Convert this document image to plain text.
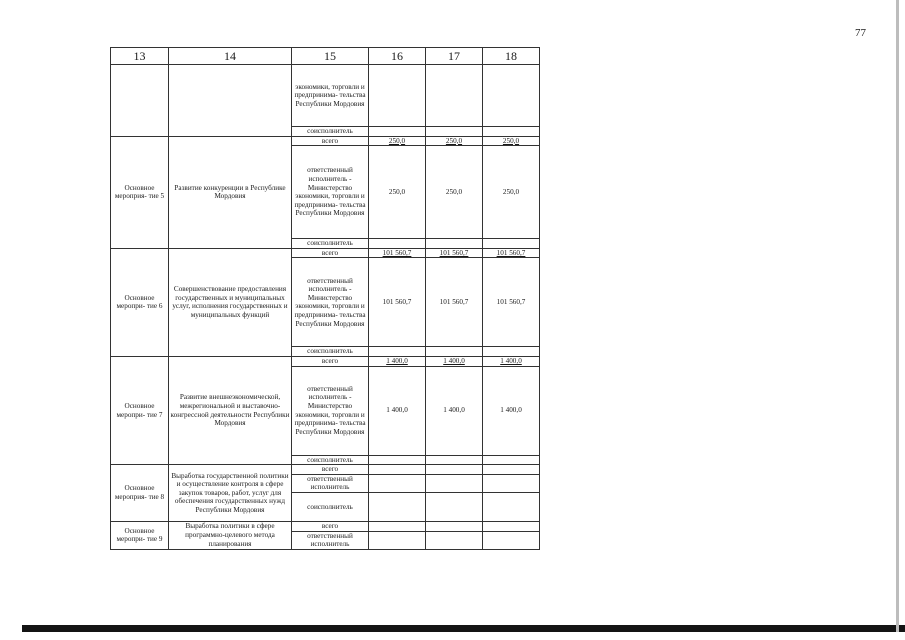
77
13	14	15	16	17	18
		экономики, торговли и предпринима- тельства Республики Мордовия			
		соисполнитель			
Основное мероприя- тие 5	Развитие конкуренции в Республике Мордовия	всего	250,0	250,0	250,0
		ответственный исполнитель - Министерство экономики, торговли и предпринима- тельства Республики Мордовия	250,0	250,0	250,0
		соисполнитель			
Основное меропри- тие 6	Совершенствование предоставления государственных и муниципальных услуг, исполнения государственных и муниципальных функций	всего	101 560,7	101 560,7	101 560,7
		ответственный исполнитель - Министерство экономики, торговли и предпринима- тельства Республики Мордовия	101 560,7	101 560,7	101 560,7
		соисполнитель			
Основное меропри- тие 7	Развитие внешнеэкономической, межрегиональной и выставочно-конгрессной деятельности Республики Мордовия	всего	1 400,0	1 400,0	1 400,0
		ответственный исполнитель - Министерство экономики, торговли и предпринима- тельства Республики Мордовия	1 400,0	1 400,0	1 400,0
		соисполнитель			
Основное мероприя- тие 8	Выработка государственной политики и осуществление контроля в сфере закупок товаров, работ, услуг для обеспечения государственных нужд Республики Мордовия	всего			
		ответственный исполнитель			
		соисполнитель			
Основное меропри- тие 9	Выработка политики в сфере программно-целевого метода планирования	всего			
		ответственный исполнитель			
